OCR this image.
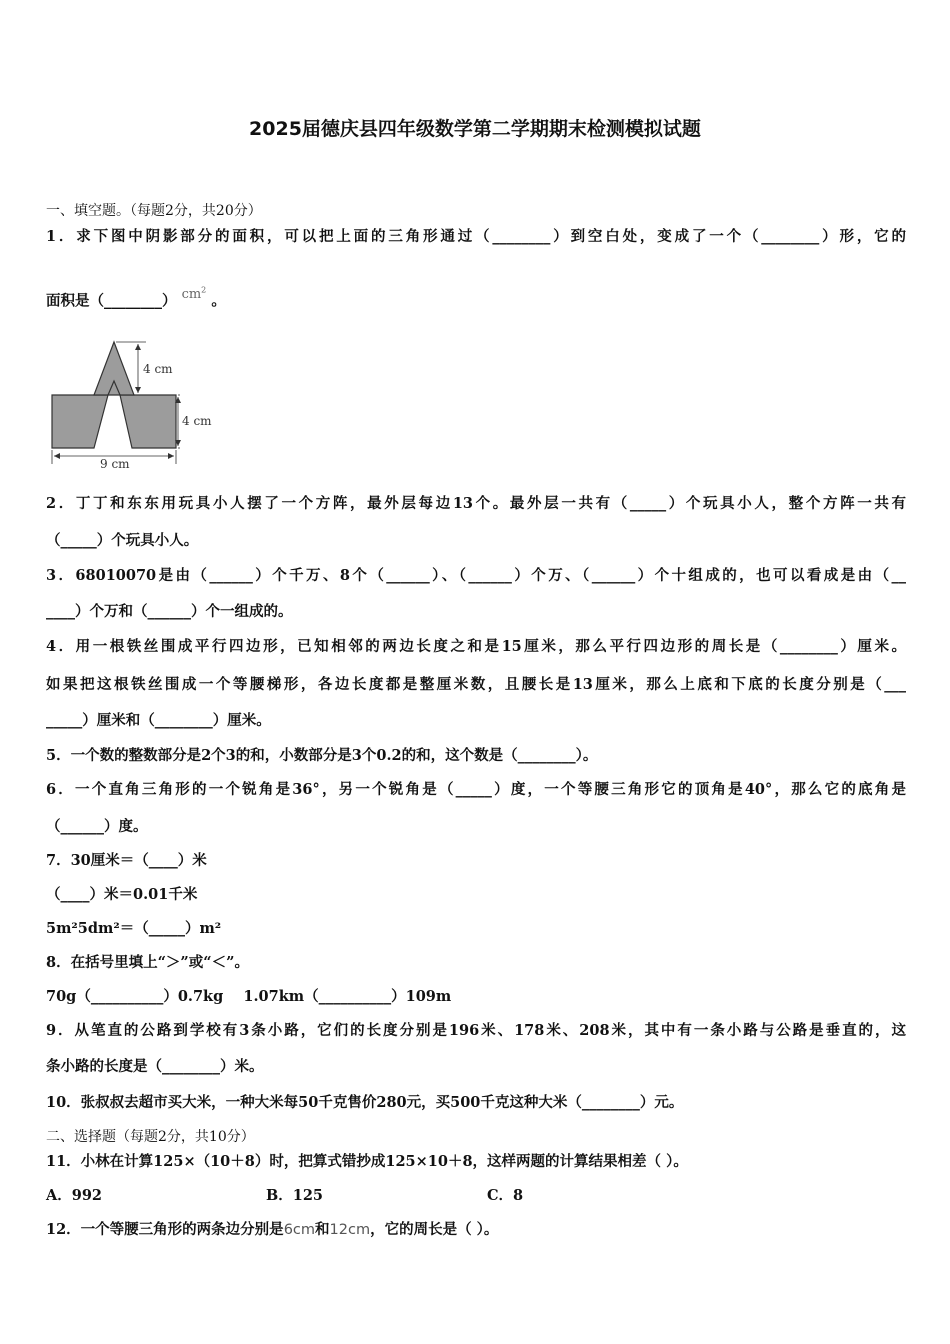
2025届德庆县四年级数学第二学期期末检测模拟试题
一、填空题。（每题2分，共20分）
1．求下图中阴影部分的面积，可以把上面的三角形通过（________）到空白处，变成了一个（________）形，它的
面积是（________） $cm^2$ 。
4 cm
4 cm
9 cm
2．丁丁和东东用玩具小人摆了一个方阵，最外层每边13个。最外层一共有（_____）个玩具小人，整个方阵一共有
（_____）个玩具小人。
3．68010070是由（______）个千万、8个（______）、（______）个万、（______）个十组成的，也可以看成是由（__
____）个万和（______）个一组成的。
4．用一根铁丝围成平行四边形，已知相邻的两边长度之和是15厘米，那么平行四边形的周长是（________）厘米。
如果把这根铁丝围成一个等腰梯形，各边长度都是整厘米数，且腰长是13厘米，那么上底和下底的长度分别是（___
_____）厘米和（________）厘米。
5．一个数的整数部分是2个3的和，小数部分是3个0.2的和，这个数是（________）。
6．一个直角三角形的一个锐角是36°，另一个锐角是（_____）度，一个等腰三角形它的顶角是40°，那么它的底角是
（______）度。
7．30厘米＝（____）米
（____）米＝0.01千米
5m²5dm²＝（_____）m²
8．在括号里填上“＞”或“＜”。
70g（__________）0.7kg    1.07km（__________）109m
9．从笔直的公路到学校有3条小路，它们的长度分别是196米、178米、208米，其中有一条小路与公路是垂直的，这
条小路的长度是（________）米。
10．张叔叔去超市买大米，一种大米每50千克售价280元，买500千克这种大米（________）元。
二、选择题（每题2分，共10分）
11．小林在计算125×（10＋8）时，把算式错抄成125×10＋8，这样两题的计算结果相差（ ）。
A．992	B．125	C．8
12．一个等腰三角形的两条边分别是6cm和12cm，它的周长是（ ）。
